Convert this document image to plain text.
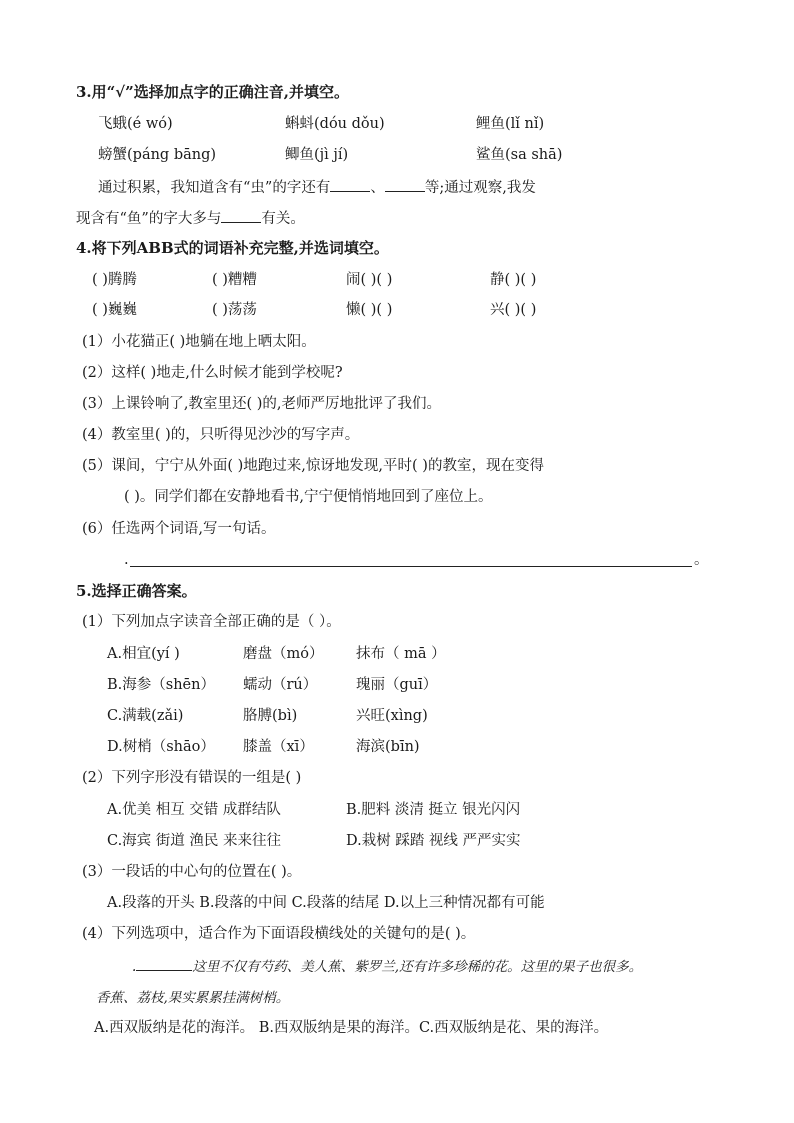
3.用“√”选择加点字的正确注音,并填空。
飞蛾(é wó)	蝌蚪(dóu dǒu)	鲤鱼(lǐ nǐ)
螃蟹(páng bāng)	鲫鱼(jì jí)	鲨鱼(sa shā)
通过积累，我知道含有“虫”的字还有	、	等;通过观察,我发
现含有“鱼”的字大多与	有关。
4.将下列ABB式的词语补充完整,并选词填空。
( )腾腾	( )糟糟	闹( )( )	静( )( )
( )巍巍	( )荡荡	懒( )( )	兴( )( )
(1）小花猫正( )地躺在地上晒太阳。
(2）这样( )地走,什么时候才能到学校呢?
(3）上课铃响了,教室里还( )的,老师严厉地批评了我们。
(4）教室里( )的，只听得见沙沙的写字声。
(5）课间，宁宁从外面( )地跑过来,惊讶地发现,平时( )的教室，现在变得
( )。同学们都在安静地看书,宁宁便悄悄地回到了座位上。
(6）任选两个词语,写一句话。
.	。
5.选择正确答案。
(1）下列加点字读音全部正确的是（ ）。
A.相宜(yí )	磨盘（mó） 抹布（ mā ）
B.海参（shēn） 蠕动（rú）	瑰丽（guī）
C.满载(zǎi)	胳膊(bì)	兴旺(xìng)
D.树梢（shāo） 膝盖（xī）	海滨(bīn)
(2）下列字形没有错误的一组是( )
A.优美 相互 交错 成群结队	B.肥料 淡清 挺立 银光闪闪
C.海宾 街道 渔民 来来往往	D.栽树 踩踏 视线 严严实实
(3）一段话的中心句的位置在( )。
A.段落的开头 B.段落的中间 C.段落的结尾 D.以上三种情况都有可能
(4）下列选项中，适合作为下面语段横线处的关键句的是( )。
.	这里不仅有芍药、美人蕉、紫罗兰,还有许多珍稀的花。这里的果子也很多。
香蕉、荔枝,果实累累挂满树梢。
A.西双版纳是花的海洋。 B.西双版纳是果的海洋。C.西双版纳是花、果的海洋。
